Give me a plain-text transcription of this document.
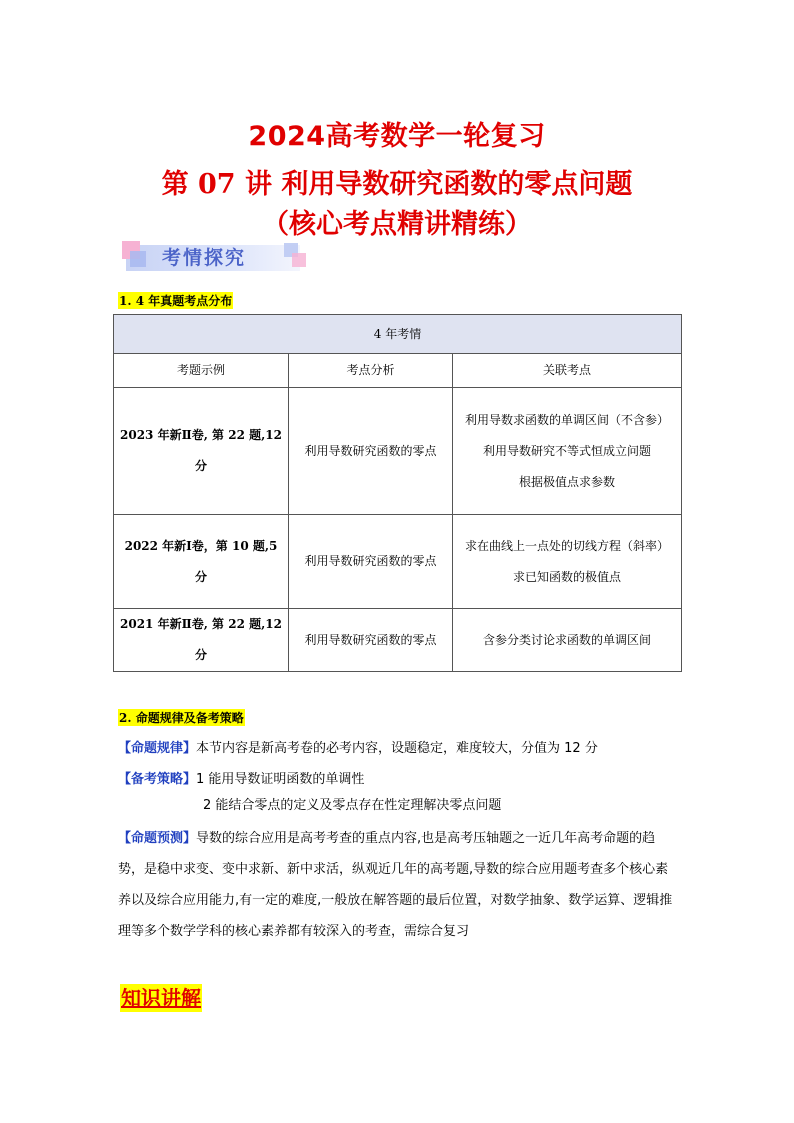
2024高考数学一轮复习
第 07 讲 利用导数研究函数的零点问题
（核心考点精讲精练）
考情探究
1. 4 年真题考点分布
4 年考情		
考题示例	考点分析	关联考点
2023 年新Ⅱ卷, 第 22 题,12 分	利用导数研究函数的零点	利用导数求函数的单调区间（不含参）
利用导数研究不等式恒成立问题
根据极值点求参数

2022 年新Ⅰ卷，第 10 题,5 分	利用导数研究函数的零点	求在曲线上一点处的切线方程（斜率）
求已知函数的极值点

2021 年新Ⅱ卷, 第 22 题,12 分	利用导数研究函数的零点	含参分类讨论求函数的单调区间
2. 命题规律及备考策略
【命题规律】本节内容是新高考卷的必考内容，设题稳定，难度较大，分值为 12 分
【备考策略】1 能用导数证明函数的单调性
2 能结合零点的定义及零点存在性定理解决零点问题
【命题预测】导数的综合应用是高考考查的重点内容,也是高考压轴题之一近几年高考命题的趋势，是稳中求变、变中求新、新中求活，纵观近几年的高考题,导数的综合应用题考查多个核心素养以及综合应用能力,有一定的难度,一般放在解答题的最后位置，对数学抽象、数学运算、逻辑推理等多个数学学科的核心素养都有较深入的考查，需综合复习
知识讲解
